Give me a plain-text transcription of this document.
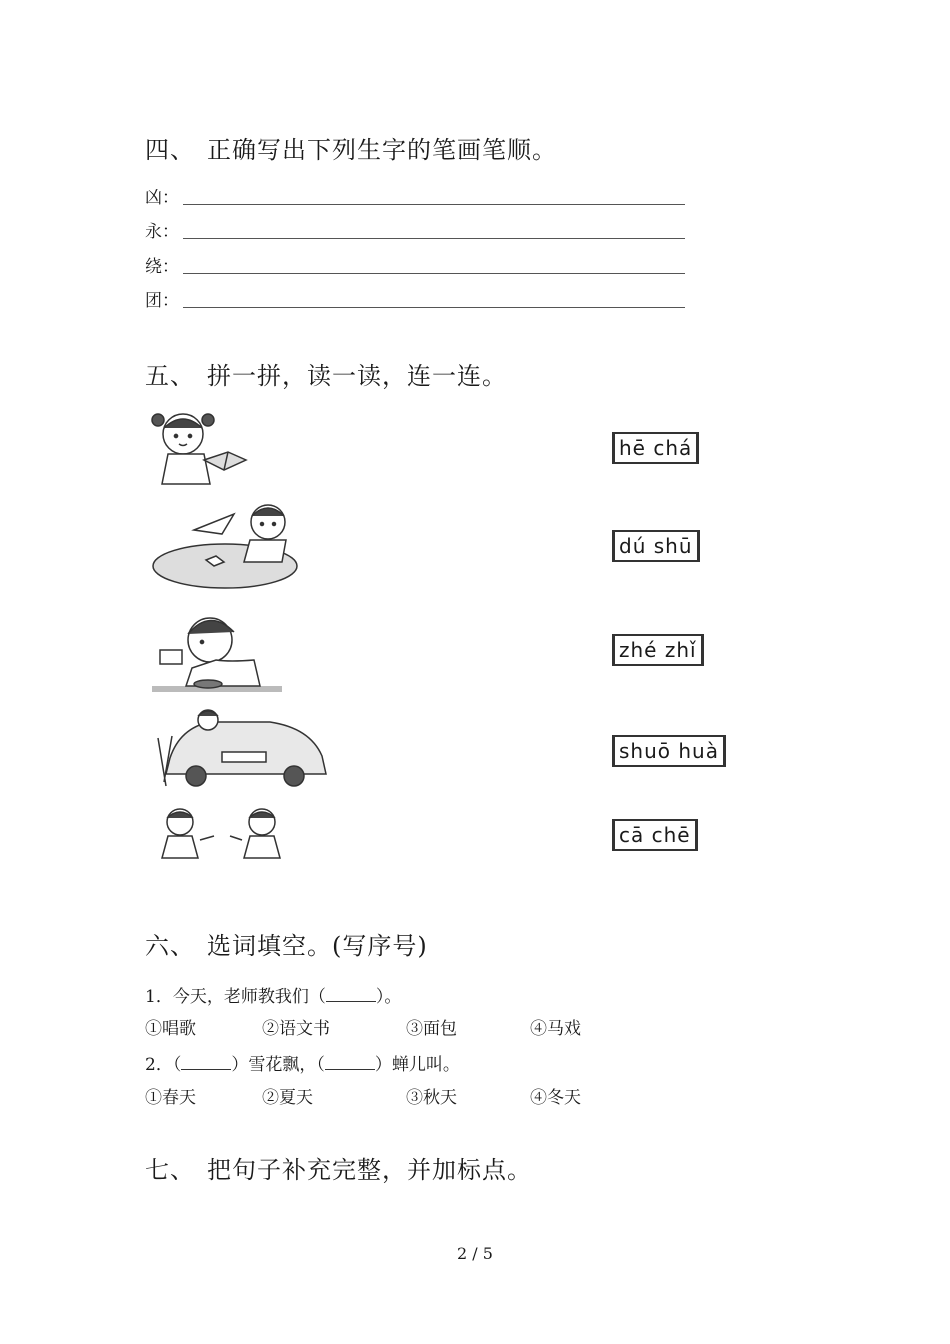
四、 正确写出下列生字的笔画笔顺。
凶：
永：
绕：
团：
五、 拼一拼，读一读，连一连。
hē chá
dú shū
zhé zhǐ
shuō huà
cā chē
六、 选词填空。(写序号)
1．今天，老师教我们（	）。
①唱歌	②语文书	③面包	④马戏
2．（	）雪花飘，（	）蝉儿叫。
①春天	②夏天	③秋天	④冬天
七、 把句子补充完整，并加标点。
2 / 5
